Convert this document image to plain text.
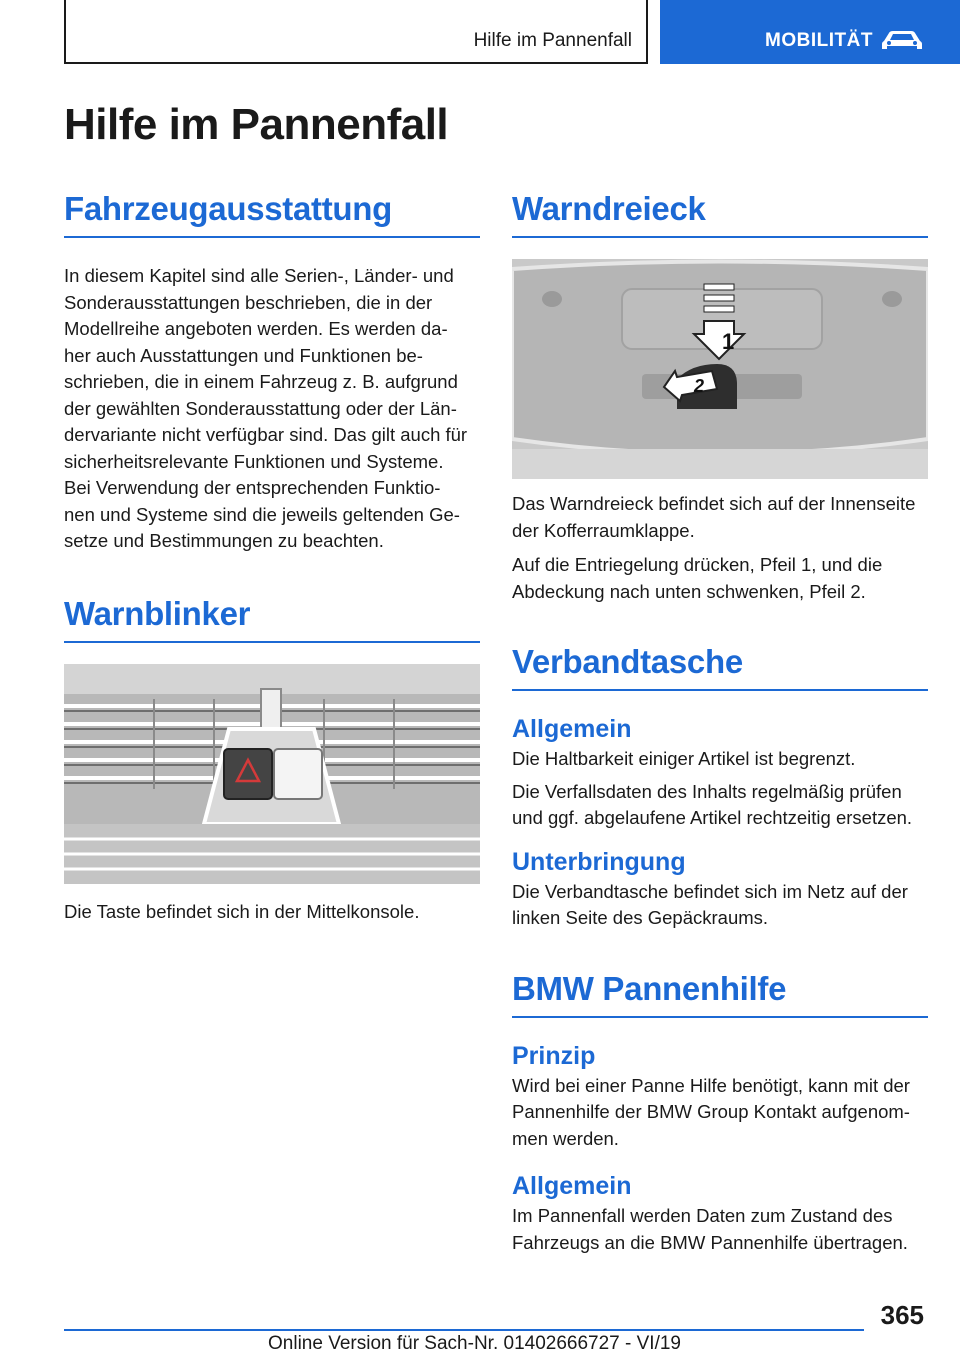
Hilfe im Pannenfall	MOBILITÄT
Hilfe im Pannenfall
Fahrzeugausstattung

In diesem Kapitel sind alle Serien-, Länder- und

Sonderausstattungen beschrieben, die in der

Modellreihe angeboten werden. Es werden da‐

her auch Ausstattungen und Funktionen be‐

schrieben, die in einem Fahrzeug z. B. aufgrund

der gewählten Sonderausstattung oder der Län‐

dervariante nicht verfügbar sind. Das gilt auch für

sicherheitsrelevante Funktionen und Systeme.

Bei Verwendung der entsprechenden Funktio‐

nen und Systeme sind die jeweils geltenden Ge‐

setze und Bestimmungen zu beachten.

Warnblinker

Die Taste befindet sich in der Mittelkonsole.

Warndreieck
1
2

Das Warndreieck befindet sich auf der Innenseite

der Kofferraumklappe.

Auf die Entriegelung drücken, Pfeil 1, und die

Abdeckung nach unten schwenken, Pfeil 2.

Verbandtasche
Allgemein

Die Haltbarkeit einiger Artikel ist begrenzt.

Die Verfallsdaten des Inhalts regelmäßig prüfen

und ggf. abgelaufene Artikel rechtzeitig ersetzen.

Unterbringung

Die Verbandtasche befindet sich im Netz auf der

linken Seite des Gepäckraums.

BMW Pannenhilfe
Prinzip

Wird bei einer Panne Hilfe benötigt, kann mit der

Pannenhilfe der BMW Group Kontakt aufgenom‐

men werden.

Allgemein

Im Pannenfall werden Daten zum Zustand des

Fahrzeugs an die BMW Pannenhilfe übertragen.

365
Online Version für Sach-Nr. 01402666727 - VI/19
